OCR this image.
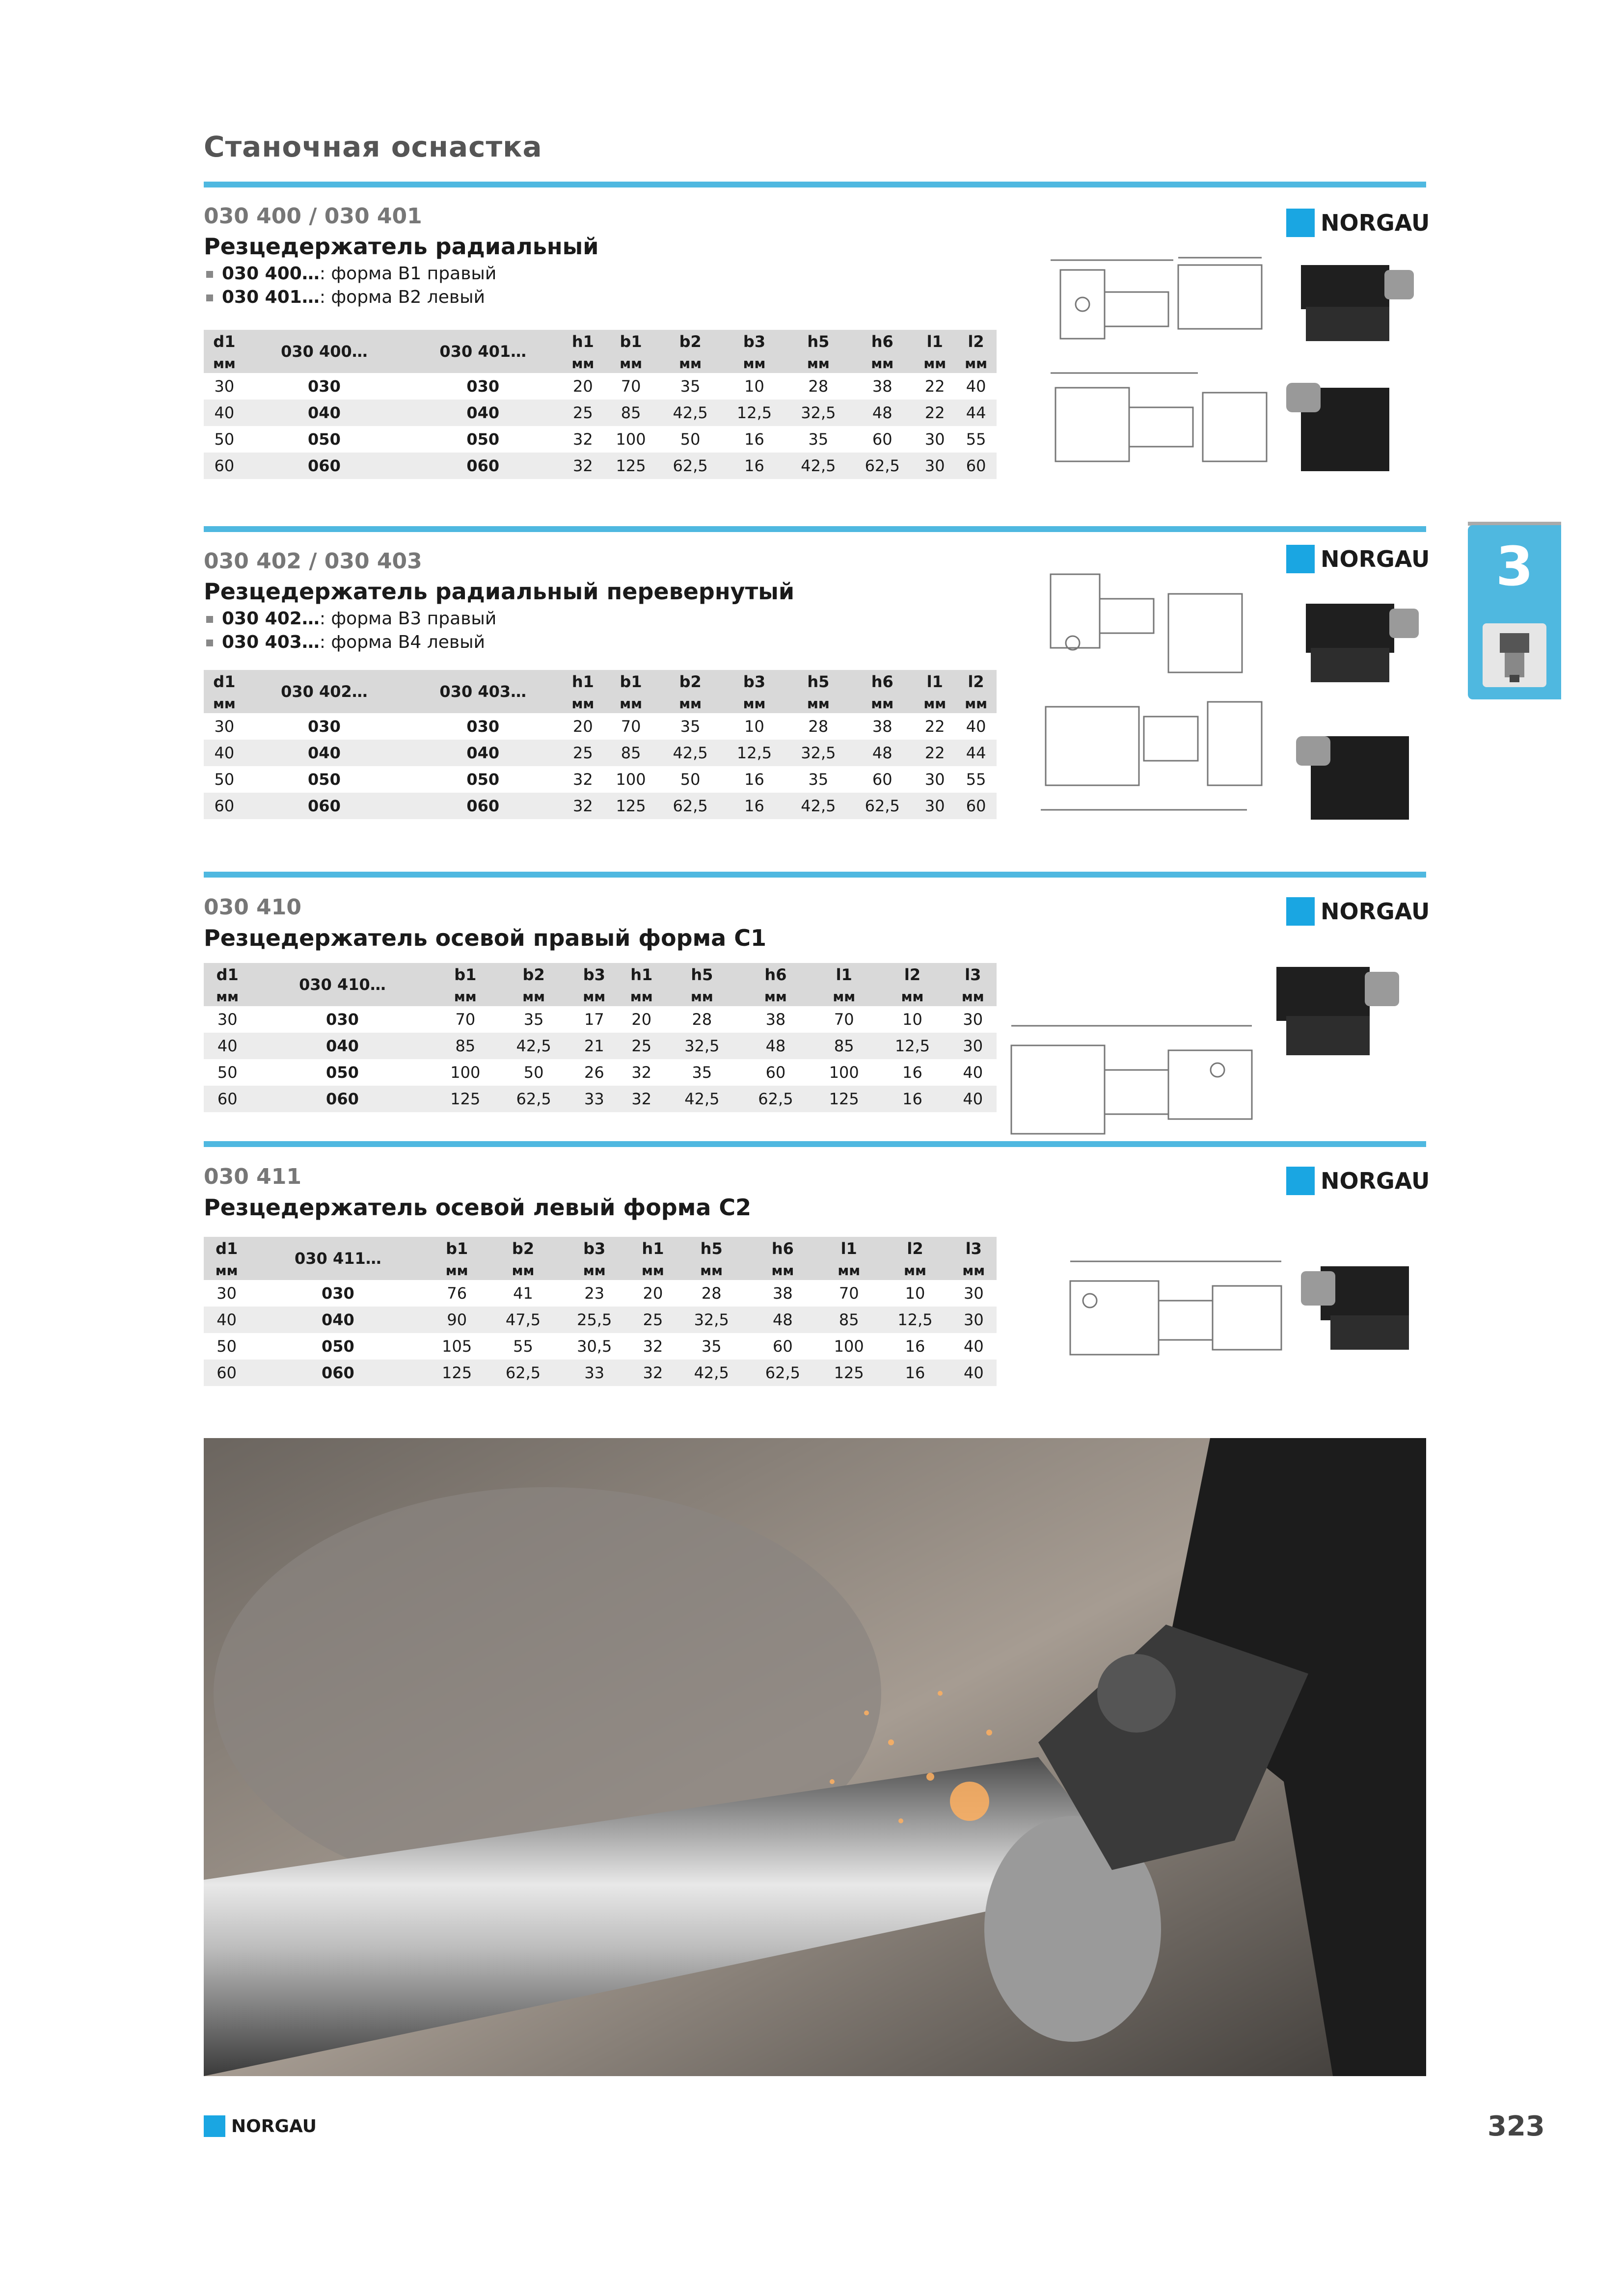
Станочная оснастка
3
030 400 / 030 401
Резцедержатель радиальный
030 400…: форма В1 правый
030 401…: форма В2 левый
NORGAU
d1	030 400…	030 401…	h1	b1	b2	b3	h5	h6	l1	l2
мм			мм	мм	мм	мм	мм	мм	мм	мм
30	030	030	20	70	35	10	28	38	22	40
40	040	040	25	85	42,5	12,5	32,5	48	22	44
50	050	050	32	100	50	16	35	60	30	55
60	060	060	32	125	62,5	16	42,5	62,5	30	60
030 402 / 030 403
Резцедержатель радиальный перевернутый
030 402…: форма В3 правый
030 403…: форма В4 левый
NORGAU
d1	030 402…	030 403…	h1	b1	b2	b3	h5	h6	l1	l2
мм			мм	мм	мм	мм	мм	мм	мм	мм
30	030	030	20	70	35	10	28	38	22	40
40	040	040	25	85	42,5	12,5	32,5	48	22	44
50	050	050	32	100	50	16	35	60	30	55
60	060	060	32	125	62,5	16	42,5	62,5	30	60
030 410
Резцедержатель осевой правый форма С1
NORGAU
d1	030 410…	b1	b2	b3	h1	h5	h6	l1	l2	l3
мм		мм	мм	мм	мм	мм	мм	мм	мм	мм
30	030	70	35	17	20	28	38	70	10	30
40	040	85	42,5	21	25	32,5	48	85	12,5	30
50	050	100	50	26	32	35	60	100	16	40
60	060	125	62,5	33	32	42,5	62,5	125	16	40
030 411
Резцедержатель осевой левый форма С2
NORGAU
d1	030 411…	b1	b2	b3	h1	h5	h6	l1	l2	l3
мм		мм	мм	мм	мм	мм	мм	мм	мм	мм
30	030	76	41	23	20	28	38	70	10	30
40	040	90	47,5	25,5	25	32,5	48	85	12,5	30
50	050	105	55	30,5	32	35	60	100	16	40
60	060	125	62,5	33	32	42,5	62,5	125	16	40
NORGAU	323
